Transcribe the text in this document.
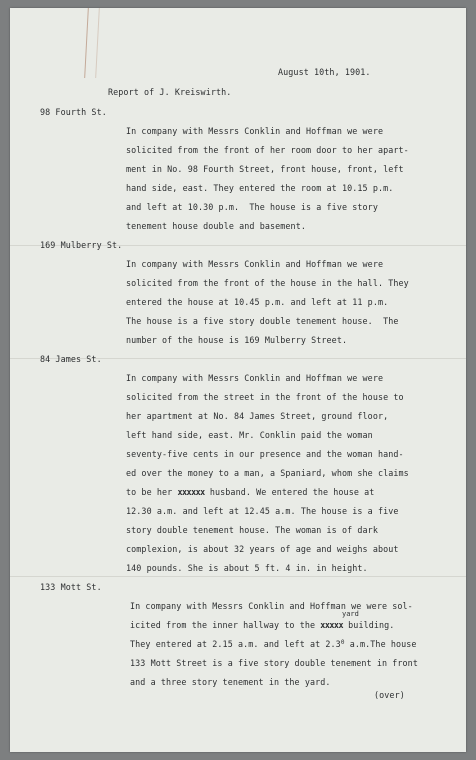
August 10th, 1901.

Report of J. Kreiswirth.

98 Fourth St.

In company with Messrs Conklin and Hoffman we were

solicited from the front of her room door to her apart-

ment in No. 98 Fourth Street, front house, front, left

hand side, east. They entered the room at 10.15 p.m.

and left at 10.30 p.m.  The house is a five story

tenement house double and basement.

169 Mulberry St.

In company with Messrs Conklin and Hoffman we were

solicited from the front of the house in the hall. They

entered the house at 10.45 p.m. and left at 11 p.m.

The house is a five story double tenement house.  The

number of the house is 169 Mulberry Street.

84 James St.

In company with Messrs Conklin and Hoffman we were

solicited from the street in the front of the house to

her apartment at No. 84 James Street, ground floor,

left hand side, east. Mr. Conklin paid the woman

seventy-five cents in our presence and the woman hand-

ed over the money to a man, a Spaniard, whom she claims

to be her xxxxxx husband. We entered the house at

12.30 a.m. and left at 12.45 a.m. The house is a five

story double tenement house. The woman is of dark

complexion, is about 32 years of age and weighs about

140 pounds. She is about 5 ft. 4 in. in height.

133 Mott St.

In company with Messrs Conklin and Hoffman we were sol-

yard

icited from the inner hallway to the xxxxx building.

They entered at 2.15 a.m. and left at $2.3^0$ a.m.The house

133 Mott Street is a five story double tenement in front

and a three story tenement in the yard.

(over)
